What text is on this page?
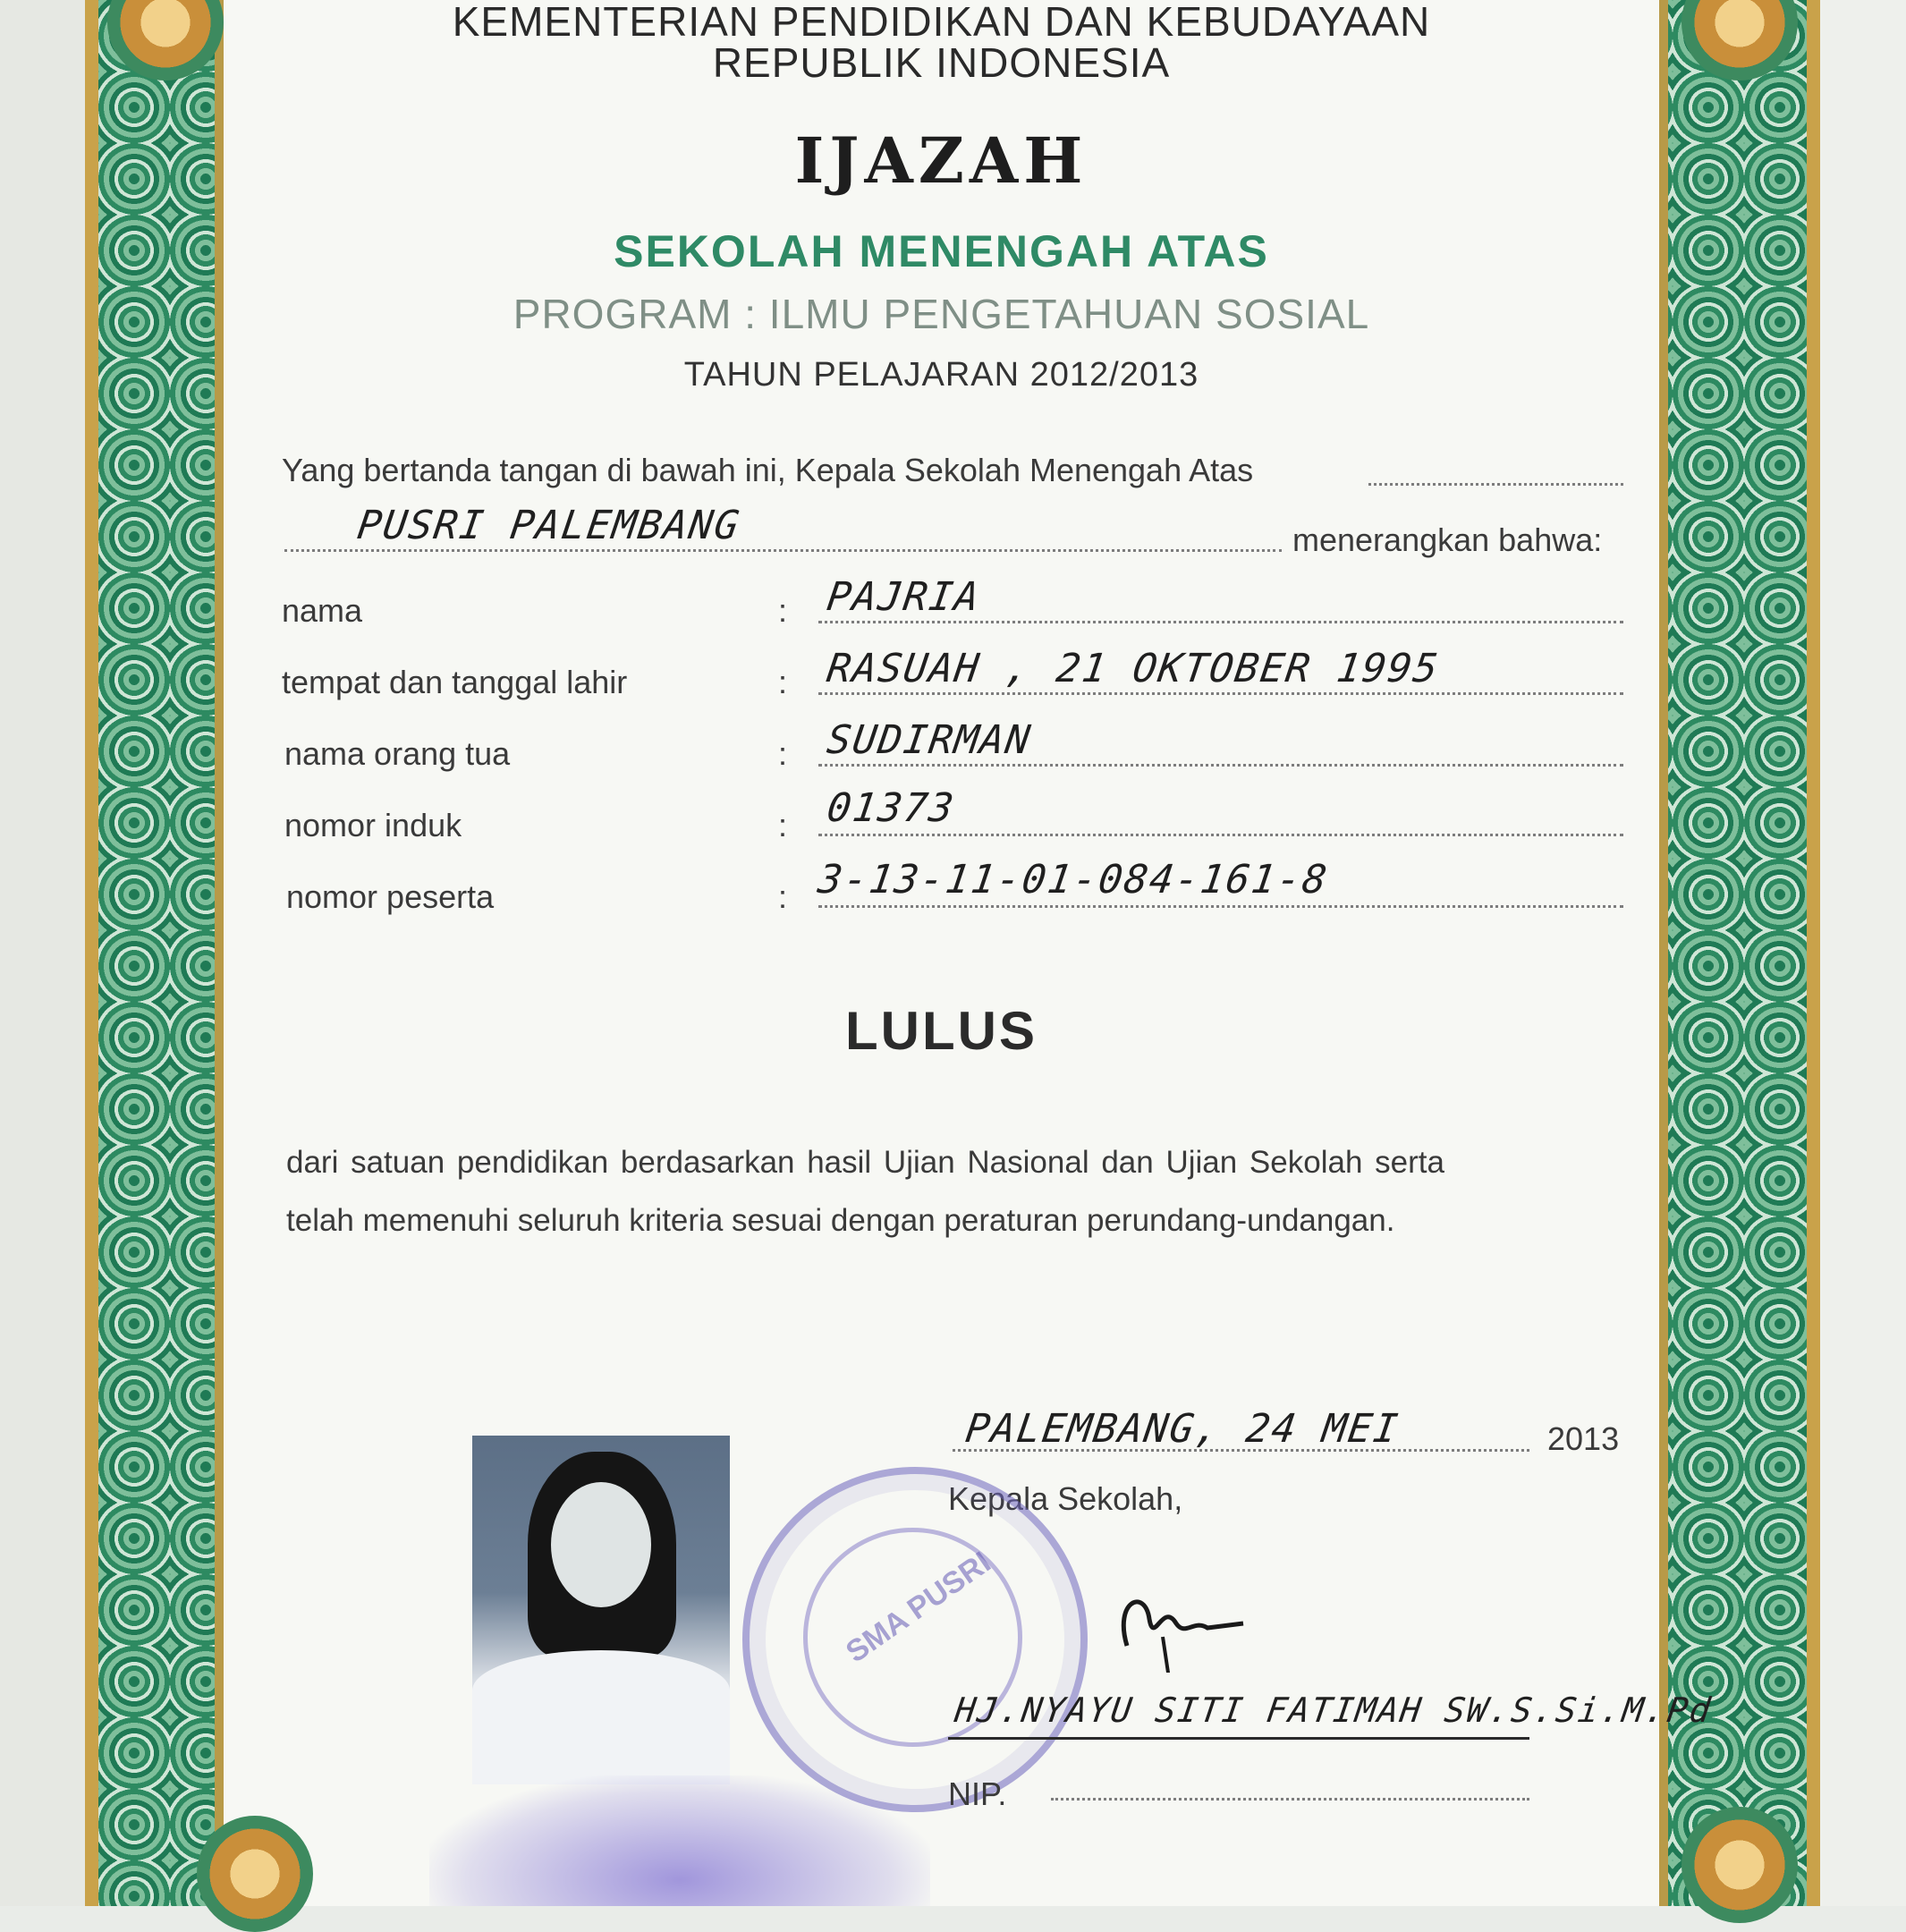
KEMENTERIAN PENDIDIKAN DAN KEBUDAYAAN
REPUBLIK INDONESIA
IJAZAH
SEKOLAH MENENGAH ATAS
PROGRAM : ILMU PENGETAHUAN SOSIAL
TAHUN PELAJARAN 2012/2013
Yang bertanda tangan di bawah ini, Kepala Sekolah Menengah Atas
PUSRI PALEMBANG	menerangkan bahwa:
nama	: PAJRIA
tempat dan tanggal lahir	: RASUAH , 21 OKTOBER 1995
nama orang tua	: SUDIRMAN
nomor induk	: 01373
nomor peserta	: 3-13-11-01-084-161-8
LULUS
dari satuan pendidikan berdasarkan hasil Ujian Nasional dan Ujian Sekolah serta
telah memenuhi seluruh kriteria sesuai dengan peraturan perundang-undangan.
PALEMBANG, 24 MEI	2013
Kepala Sekolah,
SMA PUSRI
HJ.NYAYU SITI FATIMAH SW.S.Si.M.Pd
NIP.
